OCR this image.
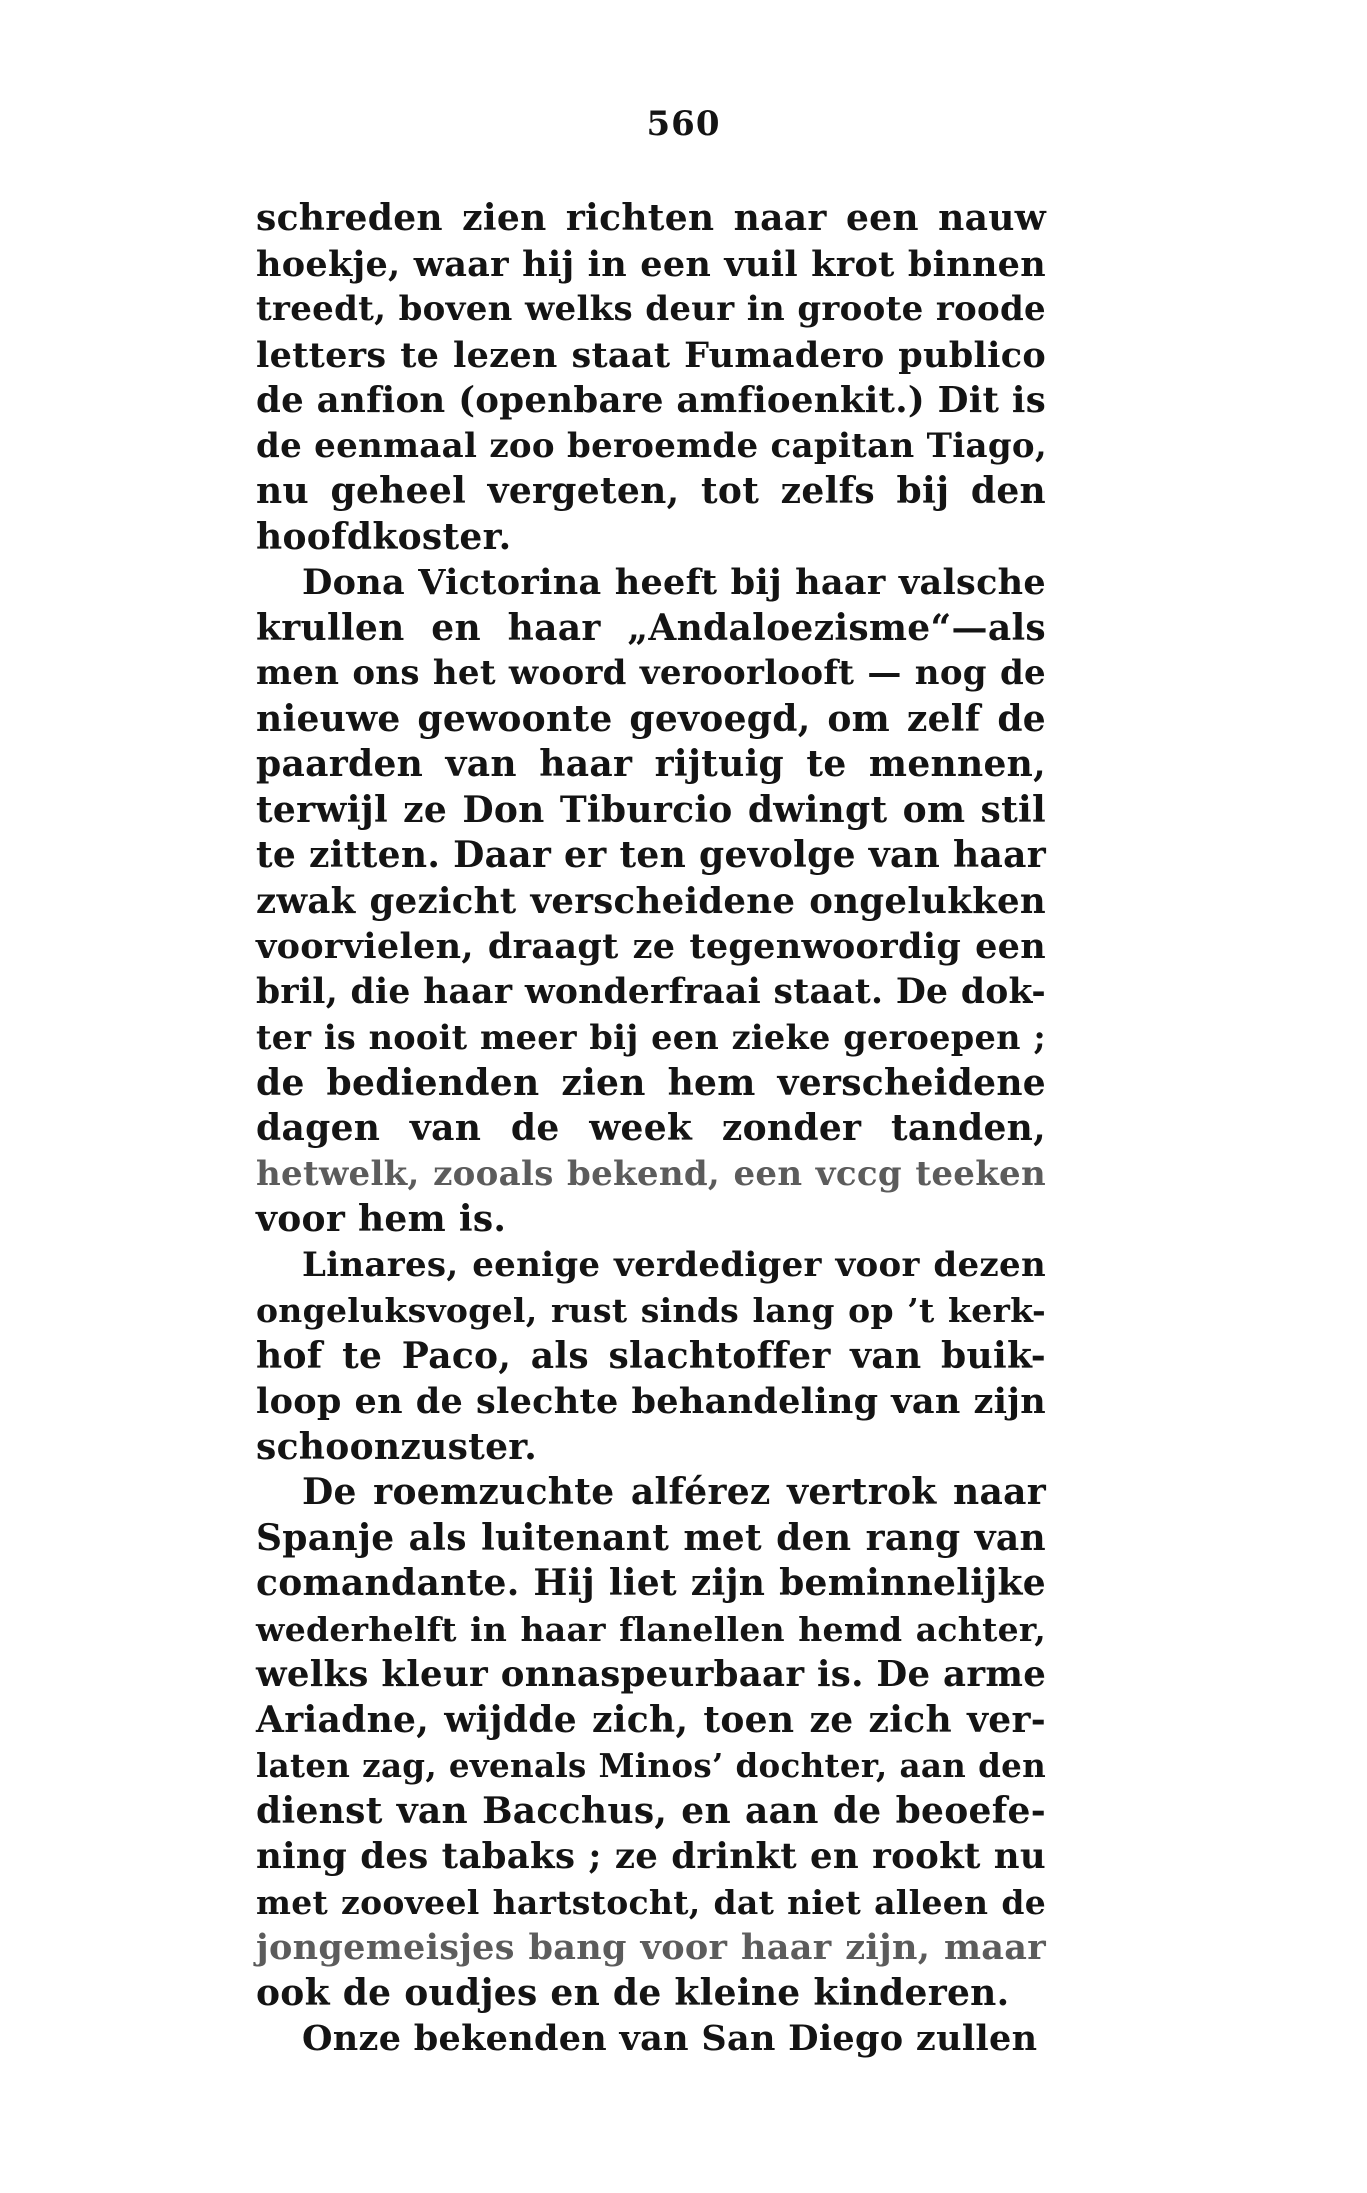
560
schreden zien richten naar een nauw
hoekje, waar hij in een vuil krot binnen
treedt, boven welks deur in groote roode
letters te lezen staat Fumadero publico
de anfion (openbare amfioenkit.) Dit is
de eenmaal zoo beroemde capitan Tiago,
nu geheel vergeten, tot zelfs bij den
hoofdkoster.
Dona Victorina heeft bij haar valsche
krullen en haar „Andaloezisme“—als
men ons het woord veroorlooft — nog de
nieuwe gewoonte gevoegd, om zelf de
paarden van haar rijtuig te mennen,
terwijl ze Don Tiburcio dwingt om stil
te zitten. Daar er ten gevolge van haar
zwak gezicht verscheidene ongelukken
voorvielen, draagt ze tegenwoordig een
bril, die haar wonderfraai staat. De dok-
ter is nooit meer bij een zieke geroepen ;
de bedienden zien hem verscheidene
dagen van de week zonder tanden,
hetwelk, zooals bekend, een vccg teeken
voor hem is.
Linares, eenige verdediger voor dezen
ongeluksvogel, rust sinds lang op ’t kerk-
hof te Paco, als slachtoffer van buik-
loop en de slechte behandeling van zijn
schoonzuster.
De roemzuchte alférez vertrok naar
Spanje als luitenant met den rang van
comandante. Hij liet zijn beminnelijke
wederhelft in haar flanellen hemd achter,
welks kleur onnaspeurbaar is. De arme
Ariadne, wijdde zich, toen ze zich ver-
laten zag, evenals Minos’ dochter, aan den
dienst van Bacchus, en aan de beoefe-
ning des tabaks ; ze drinkt en rookt nu
met zooveel hartstocht, dat niet alleen de
jongemeisjes bang voor haar zijn, maar
ook de oudjes en de kleine kinderen.
Onze bekenden van San Diego zullen
